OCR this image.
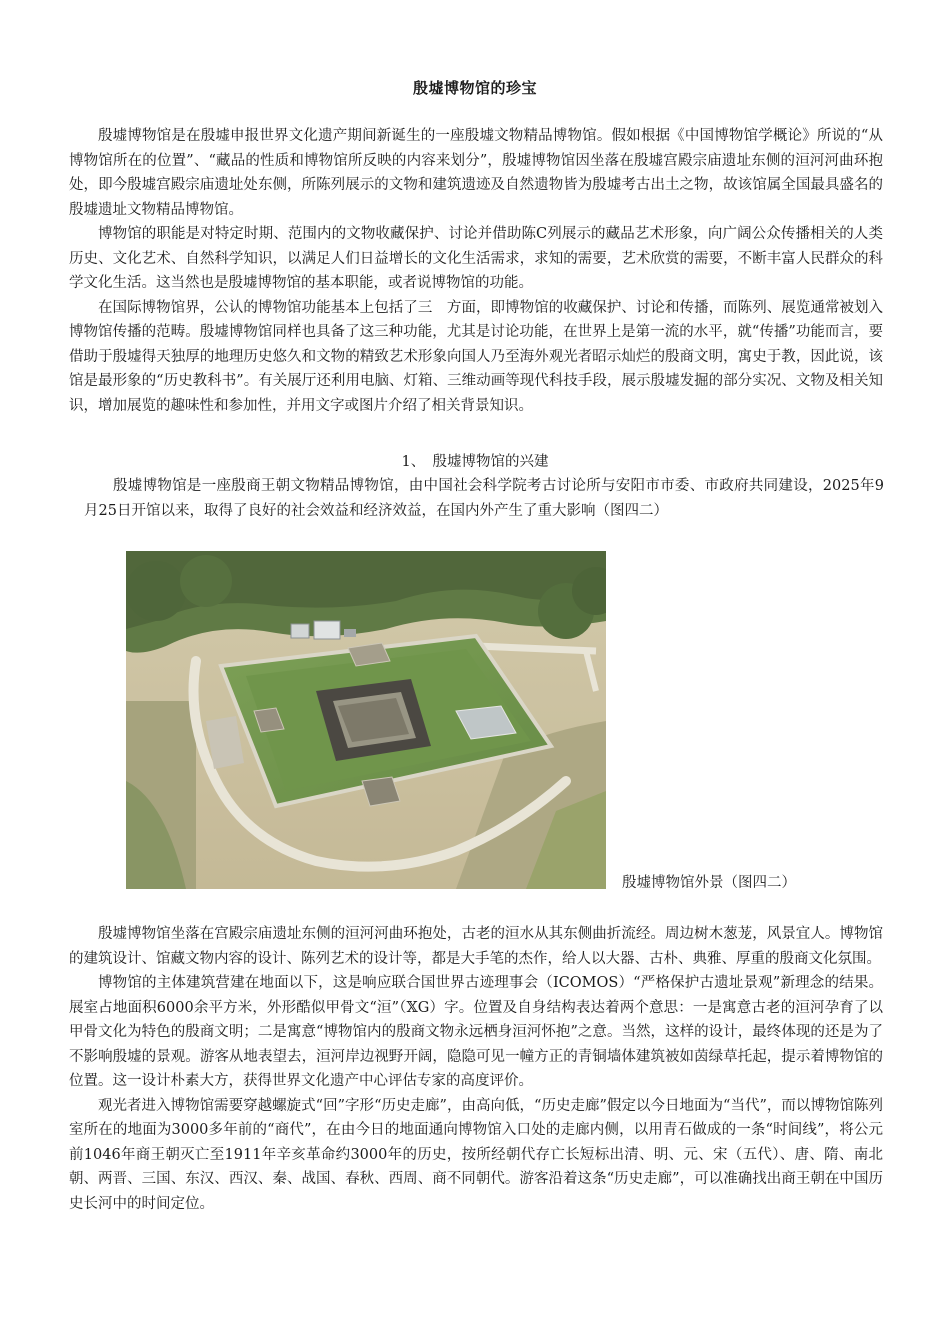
殷墟博物馆的珍宝

殷墟博物馆是在殷墟申报世界文化遗产期间新诞生的一座殷墟文物精品博物馆。假如根据《中国博物馆学概论》所说的“从博物馆所在的位置”、“藏品的性质和博物馆所反映的内容来划分”，殷墟博物馆因坐落在殷墟宫殿宗庙遗址东侧的洹河河曲环抱处，即今殷墟宫殿宗庙遗址处东侧，所陈列展示的文物和建筑遗迹及自然遗物皆为殷墟考古出土之物，故该馆属全国最具盛名的殷墟遗址文物精品博物馆。

博物馆的职能是对特定时期、范围内的文物收藏保护、讨论并借助陈C列展示的藏品艺术形象，向广阔公众传播相关的人类历史、文化艺术、自然科学知识，以满足人们日益增长的文化生活需求，求知的需要，艺术欣赏的需要，不断丰富人民群众的科学文化生活。这当然也是殷墟博物馆的基本职能，或者说博物馆的功能。

在国际博物馆界，公认的博物馆功能基本上包括了三　方面，即博物馆的收藏保护、讨论和传播，而陈列、展览通常被划入博物馆传播的范畴。殷墟博物馆同样也具备了这三种功能，尤其是讨论功能，在世界上是第一流的水平，就“传播”功能而言，要借助于殷墟得天独厚的地理历史悠久和文物的精致艺术形象向国人乃至海外观光者昭示灿烂的殷商文明，寓史于教，因此说，该馆是最形象的“历史教科书”。有关展厅还利用电脑、灯箱、三维动画等现代科技手段，展示殷墟发掘的部分实况、文物及相关知识，增加展览的趣味性和参加性，并用文字或图片介绍了相关背景知识。

1、　殷墟博物馆的兴建

殷墟博物馆是一座殷商王朝文物精品博物馆，由中国社会科学院考古讨论所与安阳市市委、市政府共同建设，2025年9月25日开馆以来，取得了良好的社会效益和经济效益，在国内外产生了重大影响（图四二）

殷墟博物馆外景（图四二）

殷墟博物馆坐落在宫殿宗庙遗址东侧的洹河河曲环抱处，古老的洹水从其东侧曲折流经。周边树木葱茏，风景宜人。博物馆的建筑设计、馆藏文物内容的设计、陈列艺术的设计等，都是大手笔的杰作，给人以大器、古朴、典雅、厚重的殷商文化氛围。

博物馆的主体建筑营建在地面以下，这是响应联合国世界古迹理事会（ICOMOS）“严格保护古遗址景观”新理念的结果。展室占地面积6000余平方米，外形酷似甲骨文“洹”（𝕏G）字。位置及自身结构表达着两个意思：一是寓意古老的洹河孕育了以甲骨文化为特色的殷商文明；二是寓意“博物馆内的殷商文物永远栖身洹河怀抱”之意。当然，这样的设计，最终体现的还是为了不影响殷墟的景观。游客从地表望去，洹河岸边视野开阔，隐隐可见一幢方正的青铜墙体建筑被如茵绿草托起，提示着博物馆的位置。这一设计朴素大方，获得世界文化遗产中心评估专家的高度评价。

观光者进入博物馆需要穿越螺旋式“回”字形“历史走廊”，由高向低，“历史走廊”假定以今日地面为“当代”，而以博物馆陈列室所在的地面为3000多年前的“商代”，在由今日的地面通向博物馆入口处的走廊内侧，以用青石做成的一条“时间线”，将公元前1046年商王朝灭亡至1911年辛亥革命约3000年的历史，按所经朝代存亡长短标出清、明、元、宋（五代）、唐、隋、南北朝、两晋、三国、东汉、西汉、秦、战国、春秋、西周、商不同朝代。游客沿着这条“历史走廊”，可以准确找出商王朝在中国历史长河中的时间定位。
